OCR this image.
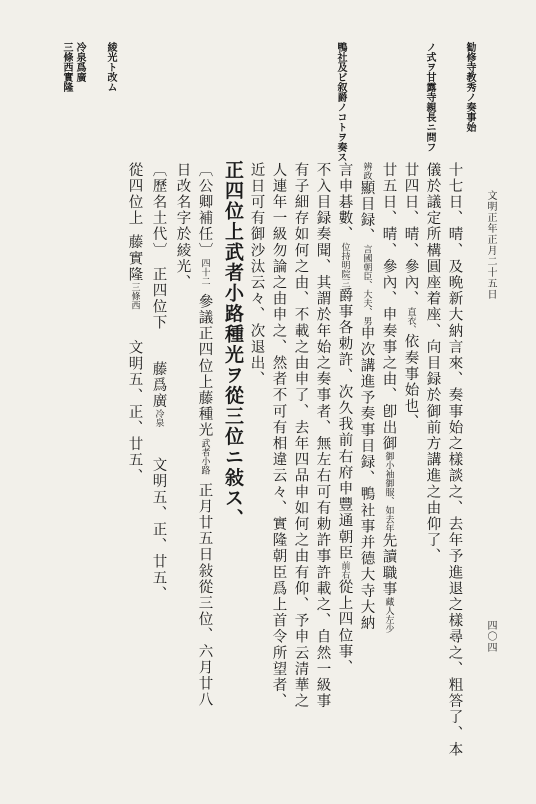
文明正年正月二十五日
四〇四
勧修寺教秀ノ奏事始
ノ式ヲ甘露寺親長ニ問フ
鴨社及ビ叙爵ノコトヲ奏ス
綾光ト改ム
冷泉爲廣
三條西實隆
十七日、晴、及晩新大納言來、奏事始之樣談之、去年予進退之樣尋之、粗答了、本
儀於議定所構圓座着座、向目録於御前方講進之由仰了、
廿四日、晴、參內、直衣、依奏事始也、
廿五日、晴、參內、申奏事之由、卽出御御小袖御服、如去年先讀職事藏人左少
辨政顯目録、言國朝臣、大夫、男申次講進予奏事目録、鴨社事并德大寺大納
言申碁數、位持明院三爵事各勅許、次久我前右府申豐通朝臣前右從上四位事、
不入目録奏聞、其謂於年始之奏事者、無左右可有勅許事許載之、自然一級事
有子細存如何之由、不載之由申了、去年四品申如何之由有仰、予申云清華之
人連年一級勿論之由申之、然者不可有相違云々、實隆朝臣爲上首令所望者、
近日可有御沙汰云々、次退出、
正四位上武者小路種光ヲ從三位ニ敍ス、
〔公卿補任〕四十二參議正四位上藤種光武者小路正月廿五日敍從三位、六月廿八
日改名字於綾光、
〔歷名土代〕正四位下藤爲廣冷泉文明五、正、廿五、
從四位上藤實隆三條西文明五、正、廿五、
